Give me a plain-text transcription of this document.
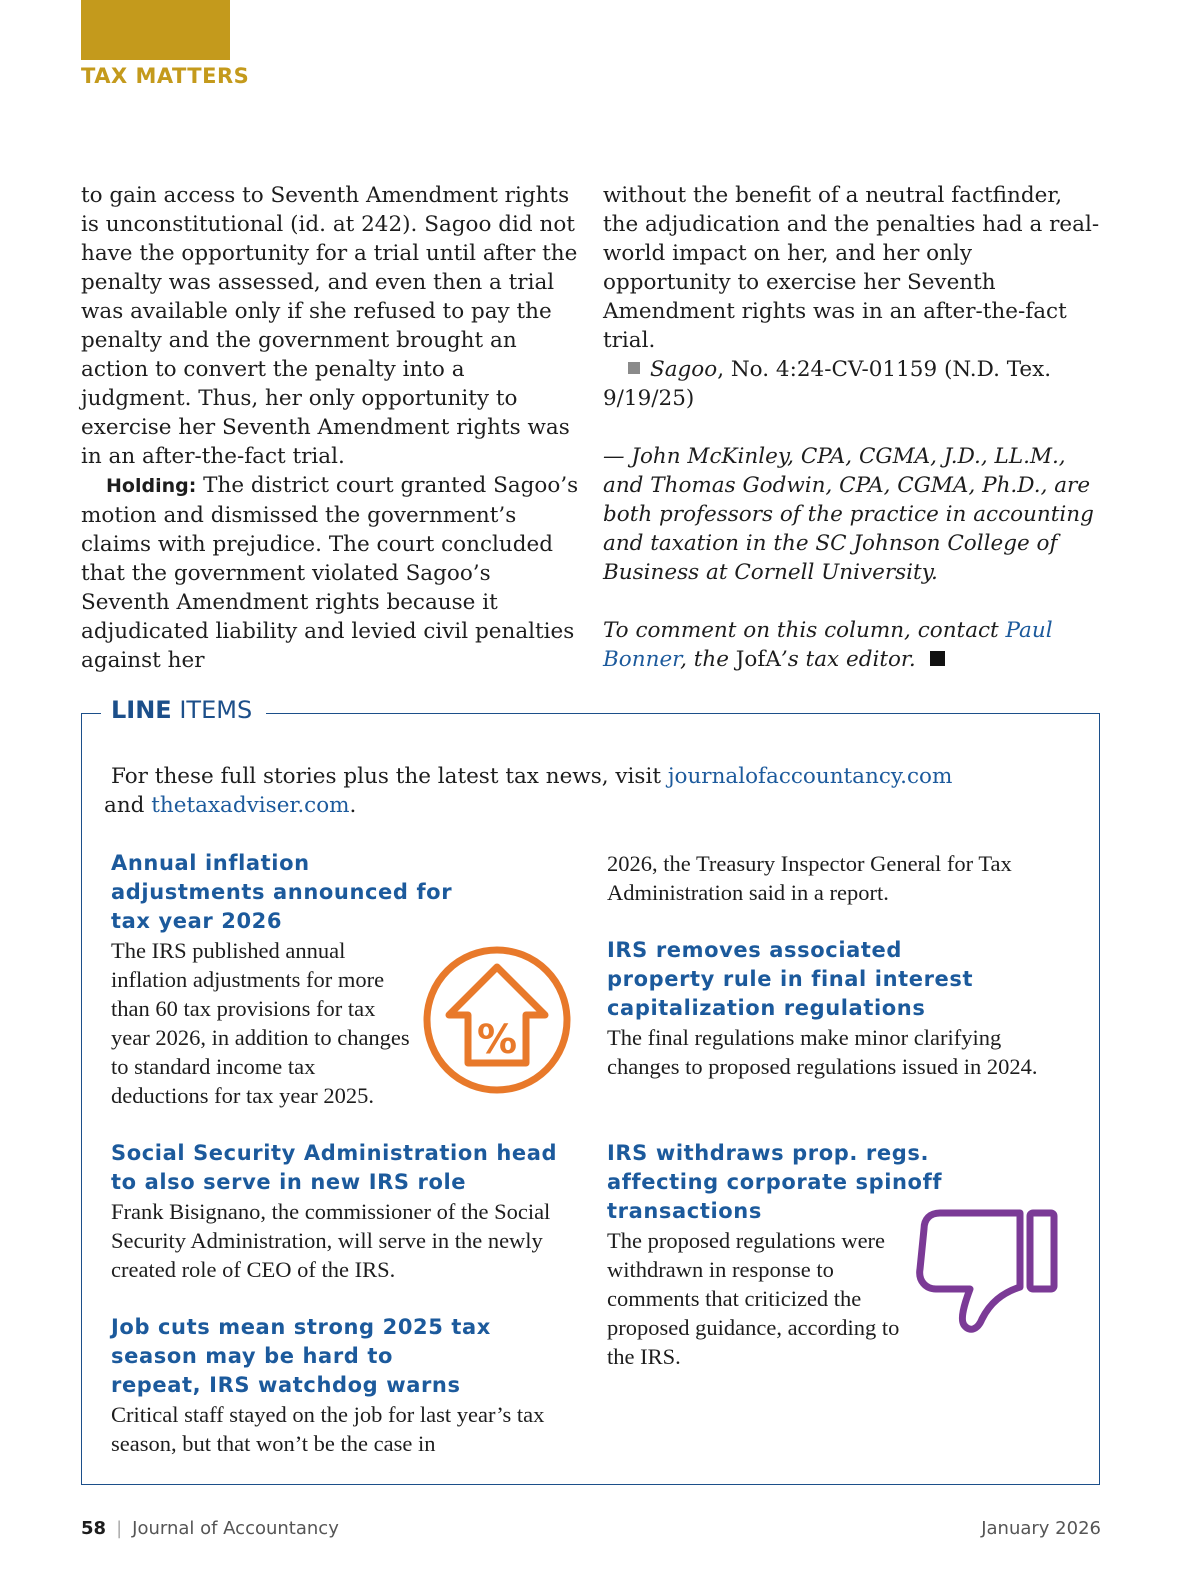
TAX MATTERS

to gain access to Seventh Amendment rights is unconstitutional (id. at 242). Sagoo did not have the opportunity for a trial until after the penalty was assessed, and even then a trial was available only if she refused to pay the penalty and the government brought an action to convert the penalty into a judgment. Thus, her only opportunity to exercise her Seventh Amendment rights was in an after-the-fact trial.

Holding: The district court granted Sagoo’s motion and dismissed the government’s claims with prejudice. The court concluded that the government violated Sagoo’s Seventh Amendment rights because it adjudicated liability and levied civil penalties against her

without the benefit of a neutral factfinder, the adjudication and the penalties had a real-world impact on her, and her only opportunity to exercise her Seventh Amendment rights was in an after-the-fact trial.

Sagoo, No. 4:24-CV-01159 (N.D. Tex. 9/19/25)

— John McKinley, CPA, CGMA, J.D., LL.M., and Thomas Godwin, CPA, CGMA, Ph.D., are both professors of the practice in accounting and taxation in the SC Johnson College of Business at Cornell University.

To comment on this column, contact Paul Bonner, the JofA’s tax editor.

LINE ITEMS
For these full stories plus the latest tax news, visit journalofaccountancy.com
and thetaxadviser.com.
Annual inflation adjustments announced for tax year 2026

The IRS published annual inflation adjustments for more than 60 tax provisions for tax year 2026, in addition to changes to standard income tax deductions for tax year 2025.

%
Social Security Administration head to also serve in new IRS role

Frank Bisignano, the commissioner of the Social Security Administration, will serve in the newly created role of CEO of the IRS.

Job cuts mean strong 2025 tax season may be hard to repeat, IRS watchdog warns

Critical staff stayed on the job for last year’s tax season, but that won’t be the case in

2026, the Treasury Inspector General for Tax Administration said in a report.

IRS removes associated property rule in final interest capitalization regulations

The final regulations make minor clarifying changes to proposed regulations issued in 2024.

IRS withdraws prop. regs. affecting corporate spinoff transactions

The proposed regulations were withdrawn in response to comments that criticized the proposed guidance, according to the IRS.

58 | Journal of Accountancy	January 2026
